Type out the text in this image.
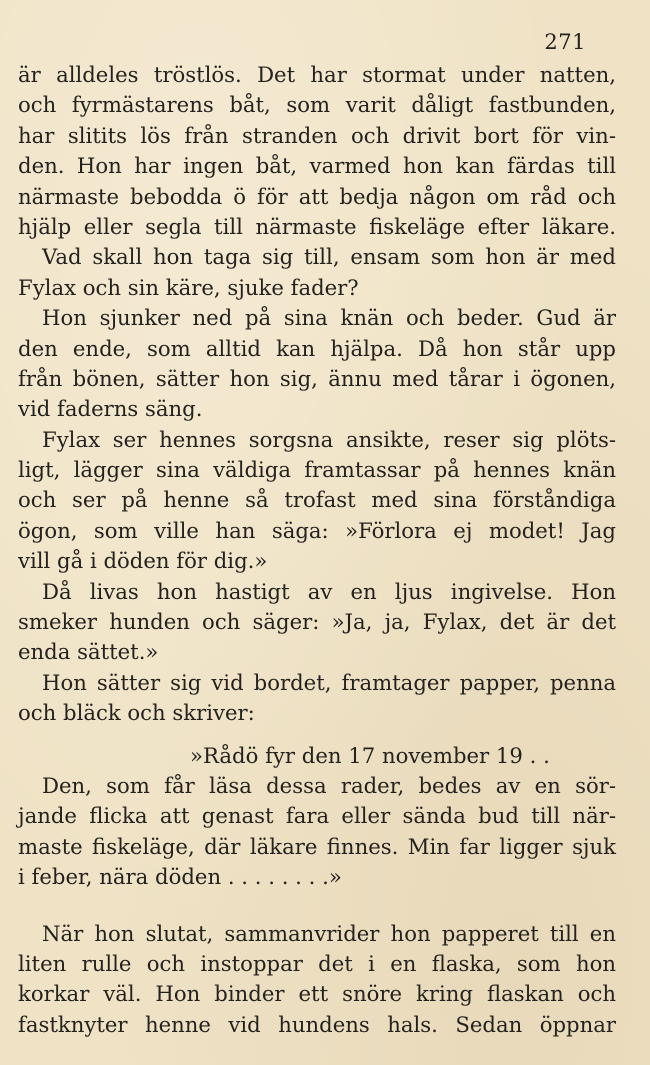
271
är alldeles tröstlös. Det har stormat under natten,
och fyrmästarens båt, som varit dåligt fastbunden,
har slitits lös från stranden och drivit bort för vin-
den. Hon har ingen båt, varmed hon kan färdas till
närmaste bebodda ö för att bedja någon om råd och
hjälp eller segla till närmaste fiskeläge efter läkare.
Vad skall hon taga sig till, ensam som hon är med
Fylax och sin käre, sjuke fader?
Hon sjunker ned på sina knän och beder. Gud är
den ende, som alltid kan hjälpa. Då hon står upp
från bönen, sätter hon sig, ännu med tårar i ögonen,
vid faderns säng.
Fylax ser hennes sorgsna ansikte, reser sig plöts-
ligt, lägger sina väldiga framtassar på hennes knän
och ser på henne så trofast med sina förståndiga
ögon, som ville han säga: »Förlora ej modet! Jag
vill gå i döden för dig.»
Då livas hon hastigt av en ljus ingivelse. Hon
smeker hunden och säger: »Ja, ja, Fylax, det är det
enda sättet.»
Hon sätter sig vid bordet, framtager papper, penna
och bläck och skriver:
»Rådö fyr den 17 november 19 . .
Den, som får läsa dessa rader, bedes av en sör-
jande flicka att genast fara eller sända bud till när-
maste fiskeläge, där läkare finnes. Min far ligger sjuk
i feber, nära döden . . . . . . . .»
När hon slutat, sammanvrider hon papperet till en
liten rulle och instoppar det i en flaska, som hon
korkar väl. Hon binder ett snöre kring flaskan och
fastknyter henne vid hundens hals. Sedan öppnar
